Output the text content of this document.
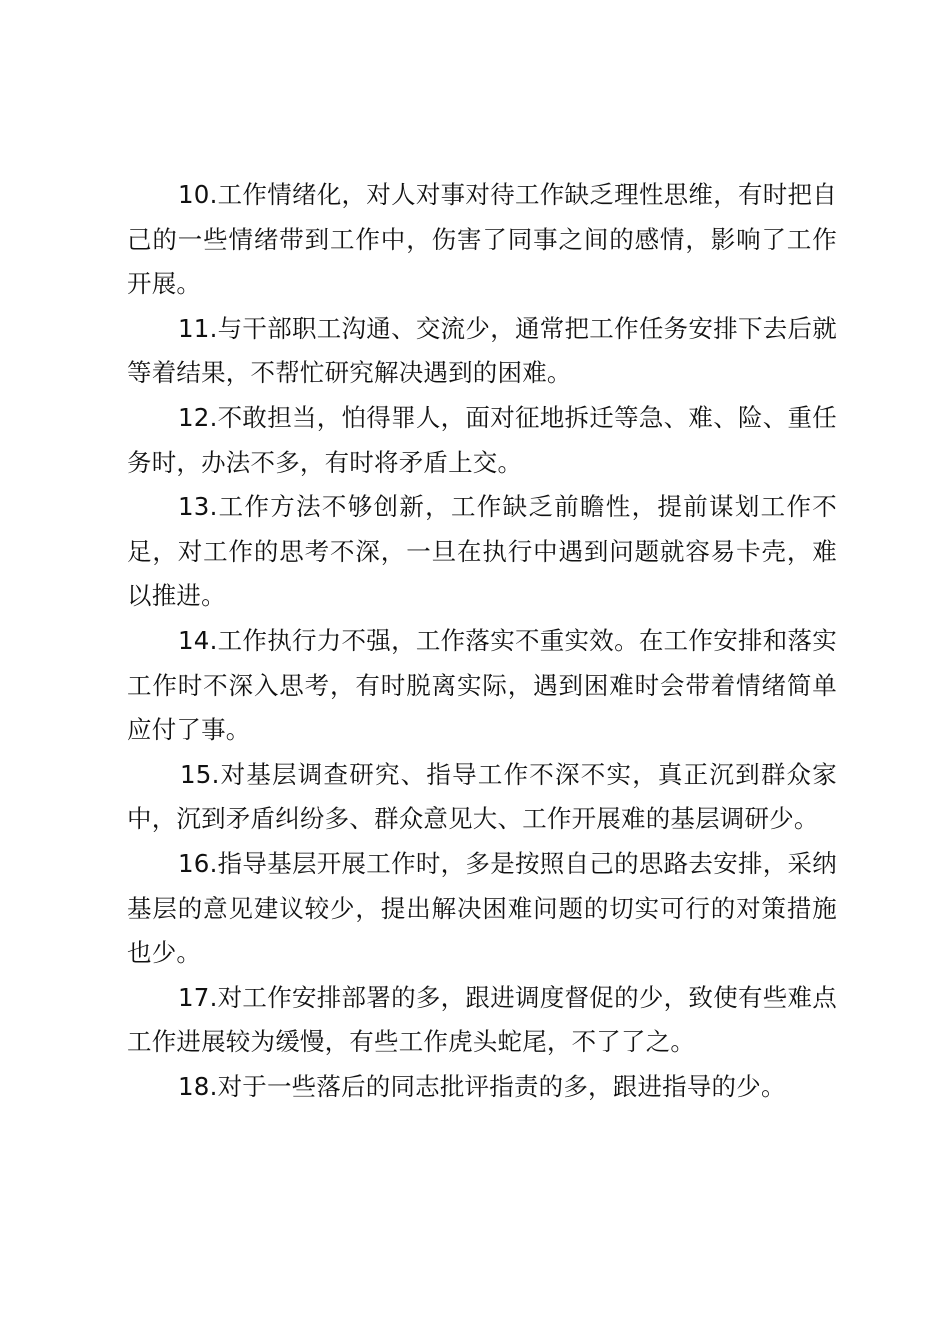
10.工作情绪化，对人对事对待工作缺乏理性思维，有时把自己的一些情绪带到工作中，伤害了同事之间的感情，影响了工作开展。

11.与干部职工沟通、交流少，通常把工作任务安排下去后就等着结果，不帮忙研究解决遇到的困难。

12.不敢担当，怕得罪人，面对征地拆迁等急、难、险、重任务时，办法不多，有时将矛盾上交。

13.工作方法不够创新，工作缺乏前瞻性，提前谋划工作不足，对工作的思考不深，一旦在执行中遇到问题就容易卡壳，难以推进。

14.工作执行力不强，工作落实不重实效。在工作安排和落实工作时不深入思考，有时脱离实际，遇到困难时会带着情绪简单应付了事。

15.对基层调查研究、指导工作不深不实，真正沉到群众家中，沉到矛盾纠纷多、群众意见大、工作开展难的基层调研少。

16.指导基层开展工作时，多是按照自己的思路去安排，采纳基层的意见建议较少，提出解决困难问题的切实可行的对策措施也少。

17.对工作安排部署的多，跟进调度督促的少，致使有些难点工作进展较为缓慢，有些工作虎头蛇尾，不了了之。

18.对于一些落后的同志批评指责的多，跟进指导的少。
